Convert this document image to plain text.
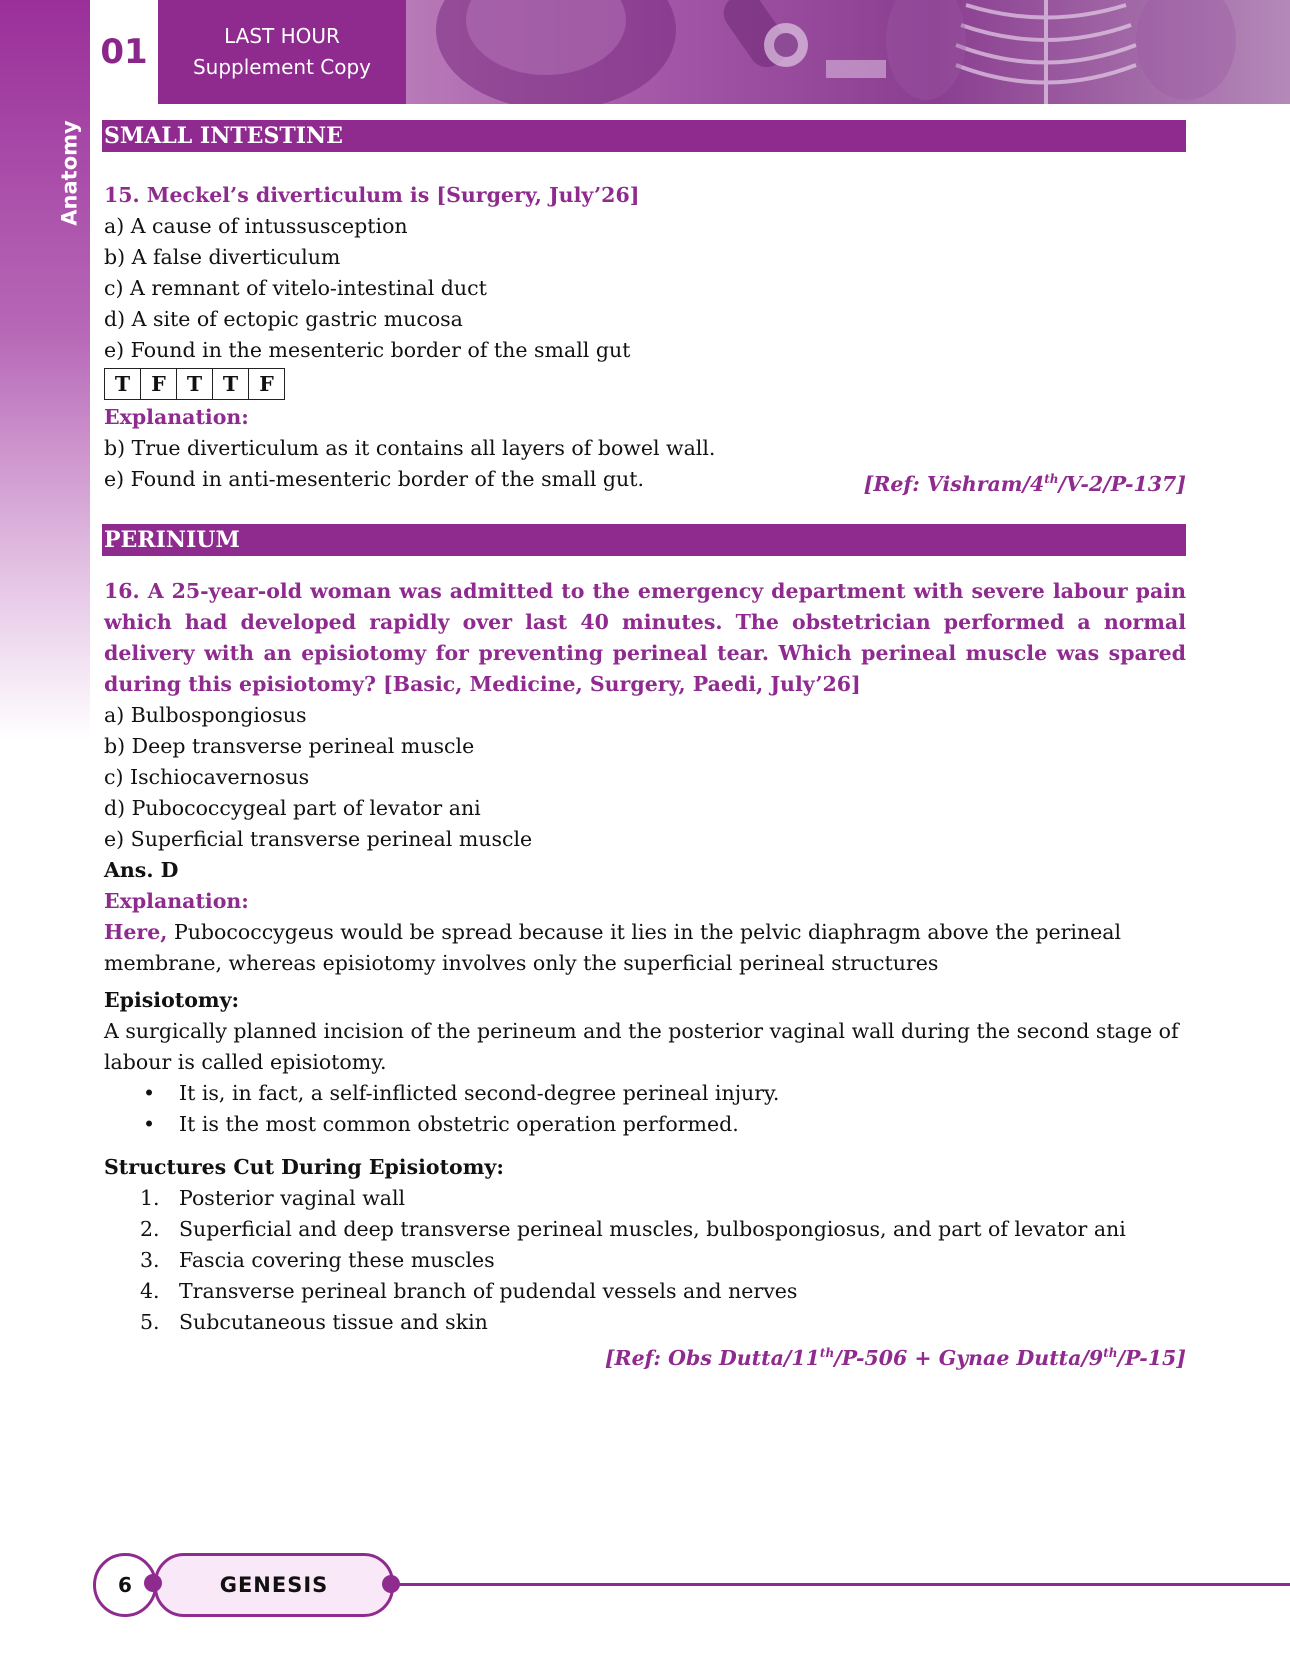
Anatomy
01	LAST HOUR
Supplement Copy
SMALL INTESTINE
15. Meckel’s diverticulum is [Surgery, July’26]
a) A cause of intussusception
b) A false diverticulum
c) A remnant of vitelo-intestinal duct
d) A site of ectopic gastric mucosa
e) Found in the mesenteric border of the small gut
T	F	T	T	F
Explanation:
b) True diverticulum as it contains all layers of bowel wall.
e) Found in anti-mesenteric border of the small gut.	[Ref: Vishram/4th/V-2/P-137]
PERINIUM
16. A 25-year-old woman was admitted to the emergency department with severe labour pain which had developed rapidly over last 40 minutes. The obstetrician performed a normal delivery with an episiotomy for preventing perineal tear. Which perineal muscle was spared during this episiotomy? [Basic, Medicine, Surgery, Paedi, July’26]
a) Bulbospongiosus
b) Deep transverse perineal muscle
c) Ischiocavernosus
d) Pubococcygeal part of levator ani
e) Superficial transverse perineal muscle
Ans. D
Explanation:
Here, Pubococcygeus would be spread because it lies in the pelvic diaphragm above the perineal membrane, whereas episiotomy involves only the superficial perineal structures
Episiotomy:
A surgically planned incision of the perineum and the posterior vaginal wall during the second stage of labour is called episiotomy.
• It is, in fact, a self-inflicted second-degree perineal injury.
• It is the most common obstetric operation performed.
Structures Cut During Episiotomy:
1. Posterior vaginal wall
2. Superficial and deep transverse perineal muscles, bulbospongiosus, and part of levator ani
3. Fascia covering these muscles
4. Transverse perineal branch of pudendal vessels and nerves
5. Subcutaneous tissue and skin
[Ref: Obs Dutta/11th/P-506 + Gynae Dutta/9th/P-15]
GENESIS
6
